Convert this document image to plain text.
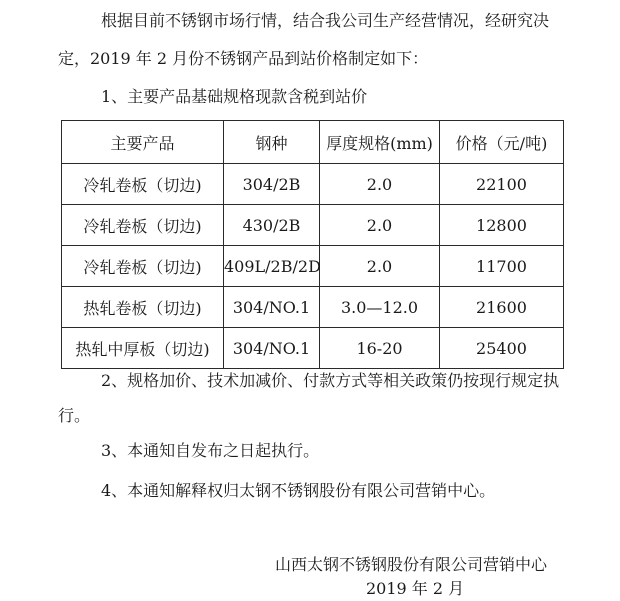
根据目前不锈钢市场行情，结合我公司生产经营情况，经研究决
定，2019 年 2 月份不锈钢产品到站价格制定如下：
1、主要产品基础规格现款含税到站价
主要产品	钢种	厚度规格(mm)	价格（元/吨)
冷轧卷板（切边)	304/2B	2.0	22100
冷轧卷板（切边)	430/2B	2.0	12800
冷轧卷板（切边)	409L/2B/2D	2.0	11700
热轧卷板（切边)	304/NO.1	3.0—12.0	21600
热轧中厚板（切边)	304/NO.1	16-20	25400
2、规格加价、技术加减价、付款方式等相关政策仍按现行规定执
行。
3、本通知自发布之日起执行。
4、本通知解释权归太钢不锈钢股份有限公司营销中心。
山西太钢不锈钢股份有限公司营销中心
2019 年 2 月
